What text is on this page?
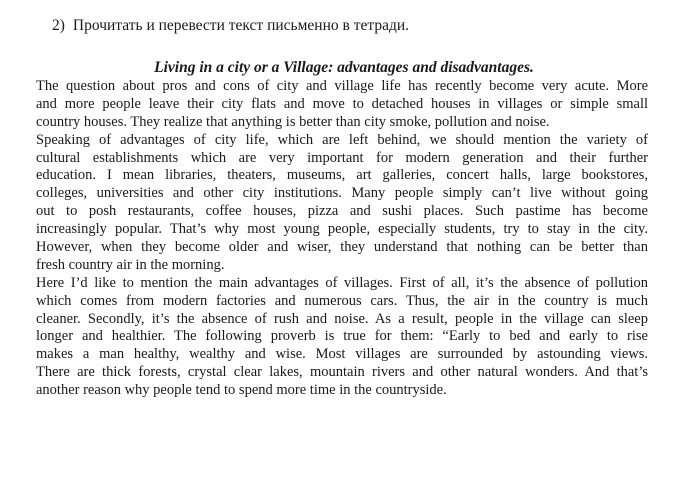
2) Прочитать и перевести текст письменно в тетради.
Living in a city or a Village: advantages and disadvantages.
The question about pros and cons of city and village life has recently become very acute. More
and more people leave their city flats and move to detached houses in villages or simple small
country houses. They realize that anything is better than city smoke, pollution and noise.
Speaking of advantages of city life, which are left behind, we should mention the variety of
cultural establishments which are very important for modern generation and their further
education. I mean libraries, theaters, museums, art galleries, concert halls, large bookstores,
colleges, universities and other city institutions. Many people simply can’t live without going
out to posh restaurants, coffee houses, pizza and sushi places. Such pastime has become
increasingly popular. That’s why most young people, especially students, try to stay in the city.
However, when they become older and wiser, they understand that nothing can be better than
fresh country air in the morning.
Here I’d like to mention the main advantages of villages. First of all, it’s the absence of pollution
which comes from modern factories and numerous cars. Thus, the air in the country is much
cleaner. Secondly, it’s the absence of rush and noise. As a result, people in the village can sleep
longer and healthier. The following proverb is true for them: “Early to bed and early to rise
makes a man healthy, wealthy and wise. Most villages are surrounded by astounding views.
There are thick forests, crystal clear lakes, mountain rivers and other natural wonders. And that’s
another reason why people tend to spend more time in the countryside.
